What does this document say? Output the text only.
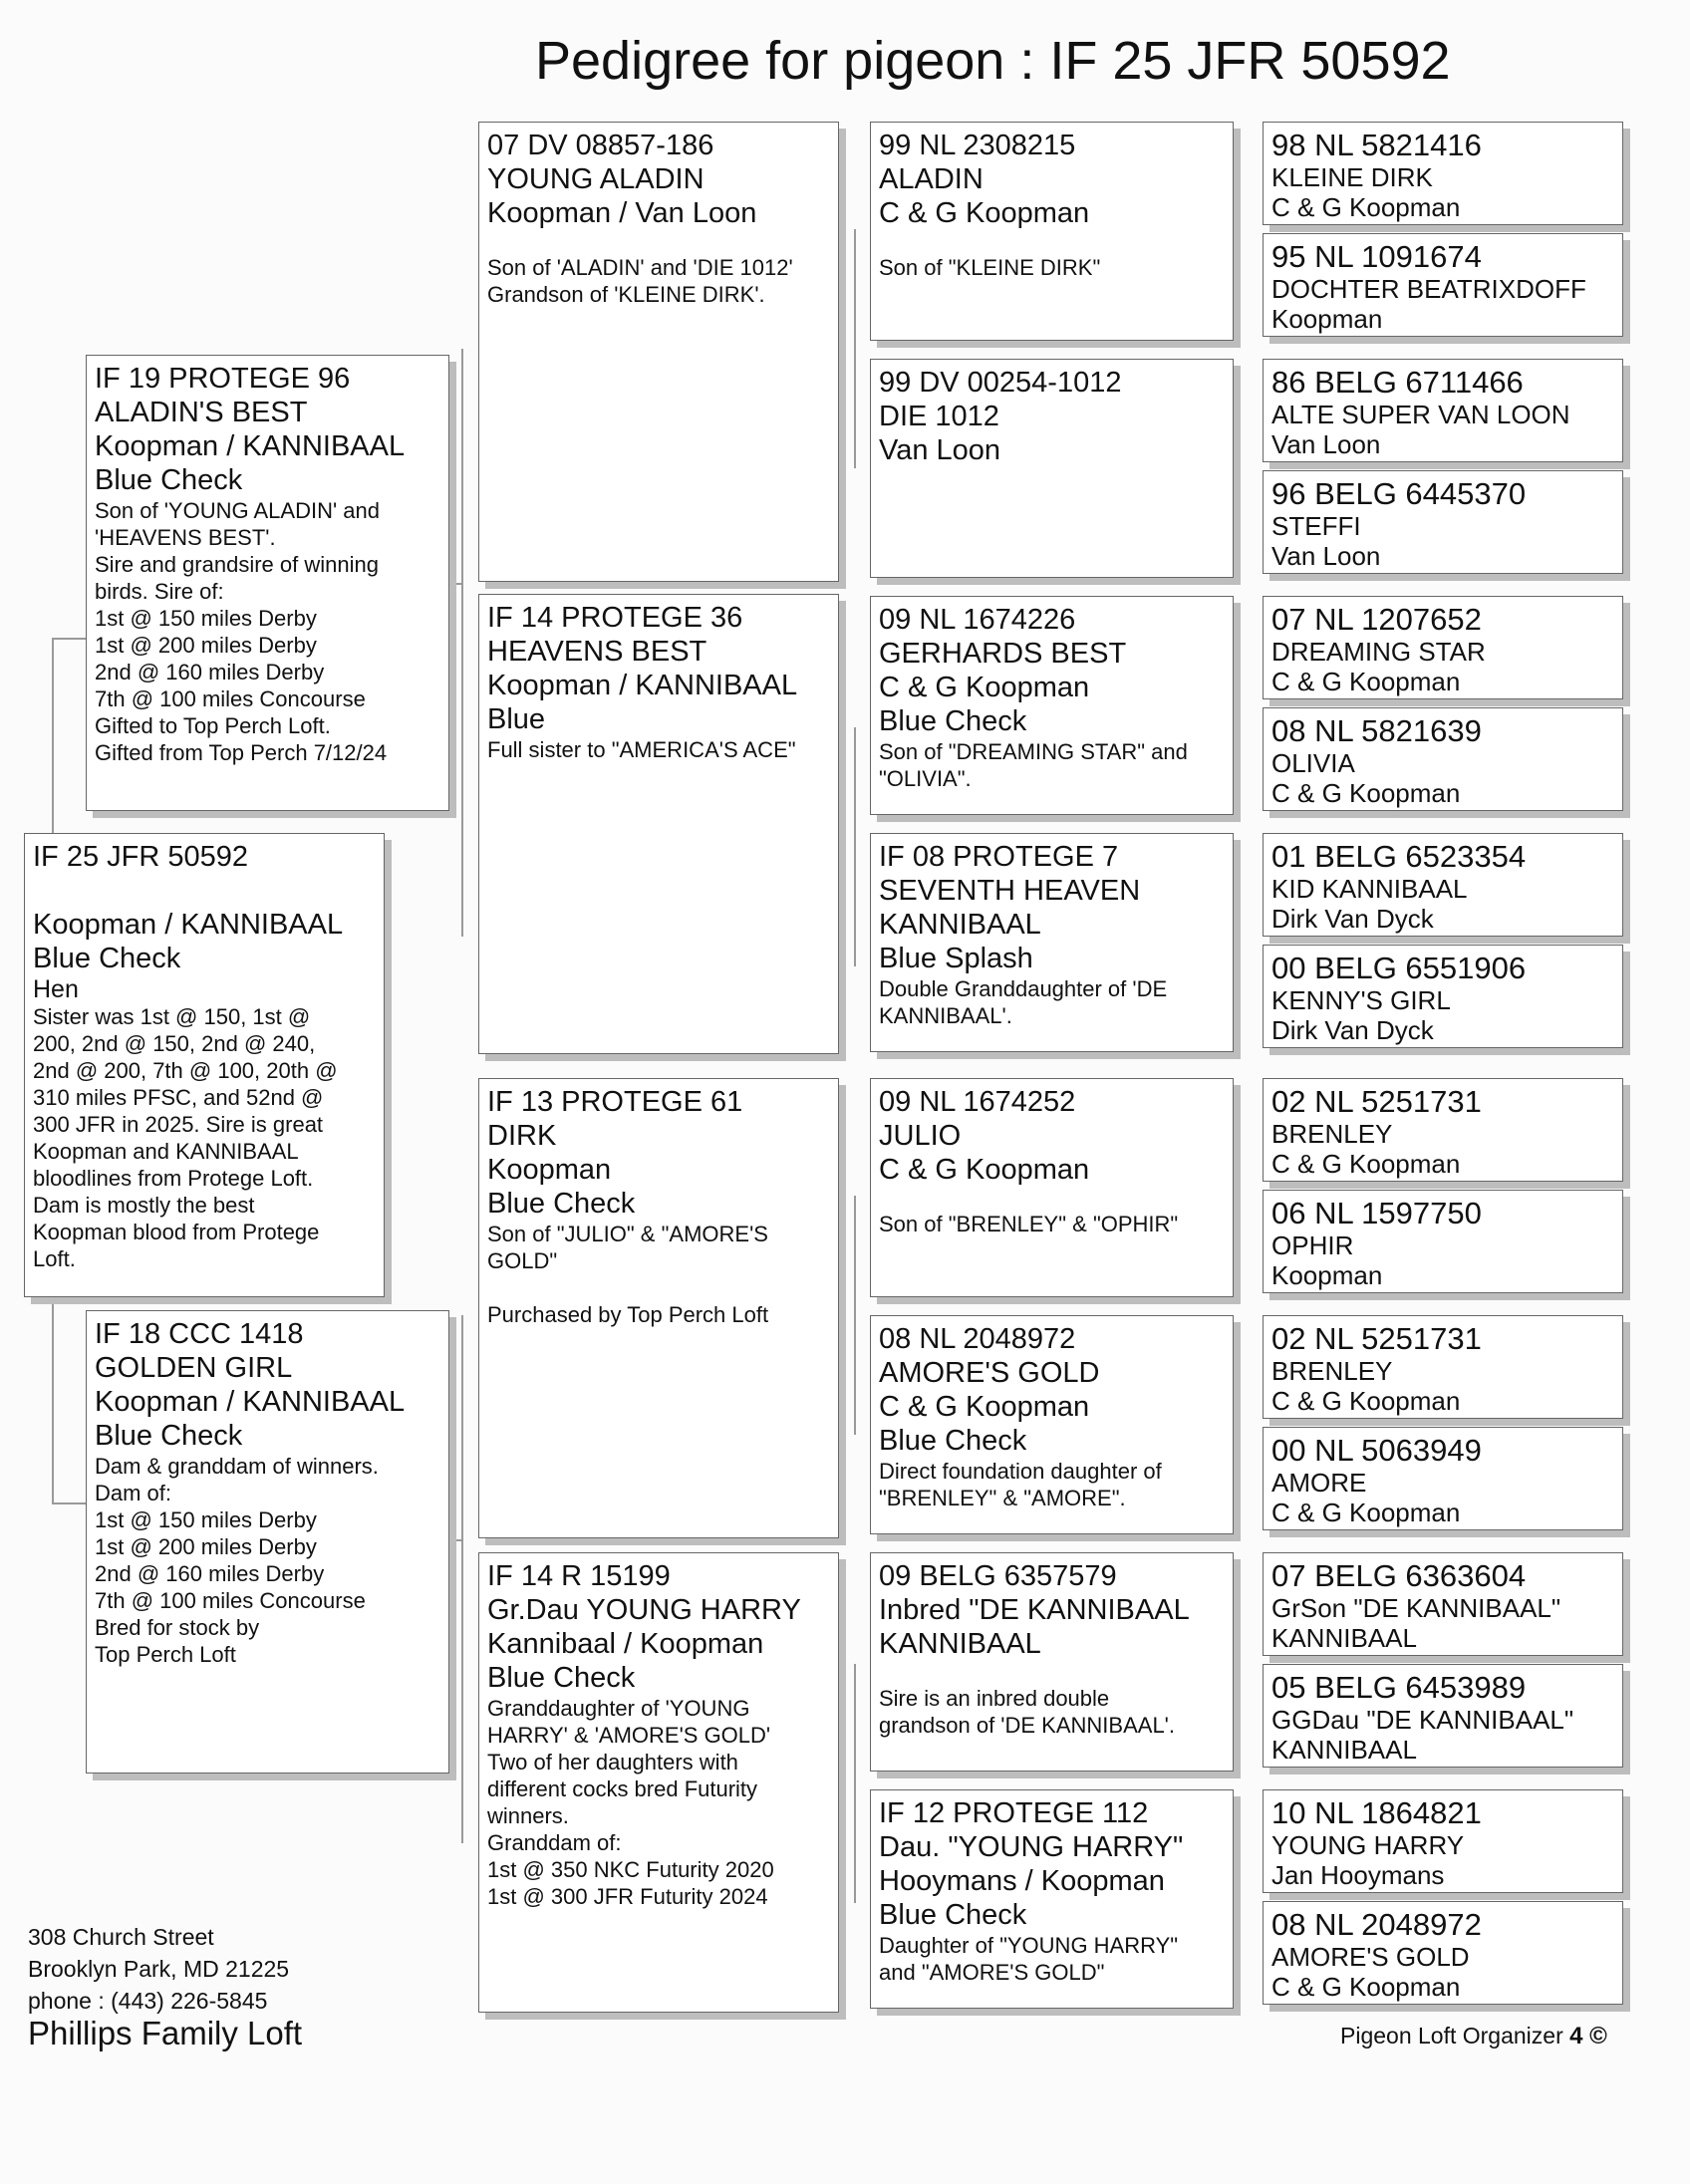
Pedigree for pigeon : IF 25 JFR 50592
IF 25 JFR 50592
Koopman / KANNIBAAL
Blue Check
Hen
Sister was 1st @ 150, 1st @
200, 2nd @ 150, 2nd @ 240,
2nd @ 200, 7th @ 100, 20th @
310 miles PFSC, and 52nd @
300 JFR in 2025. Sire is great
Koopman and KANNIBAAL
bloodlines from Protege Loft.
Dam is mostly the best
Koopman blood from Protege
Loft.
IF 19 PROTEGE 96
ALADIN'S BEST
Koopman / KANNIBAAL
Blue Check
Son of 'YOUNG ALADIN' and
'HEAVENS BEST'.
Sire and grandsire of winning
birds. Sire of:
1st @ 150 miles Derby
1st @ 200 miles Derby
2nd @ 160 miles Derby
7th @ 100 miles Concourse
Gifted to Top Perch Loft.
Gifted from Top Perch 7/12/24
IF 18 CCC 1418
GOLDEN GIRL
Koopman / KANNIBAAL
Blue Check
Dam & granddam of winners.
Dam of:
1st @ 150 miles Derby
1st @ 200 miles Derby
2nd @ 160 miles Derby
7th @ 100 miles Concourse
Bred for stock by
Top Perch Loft
07 DV 08857-186
YOUNG ALADIN
Koopman / Van Loon
Son of 'ALADIN' and 'DIE 1012'
Grandson of 'KLEINE DIRK'.
IF 14 PROTEGE 36
HEAVENS BEST
Koopman / KANNIBAAL
Blue
Full sister to "AMERICA'S ACE"
IF 13 PROTEGE 61
DIRK
Koopman
Blue Check
Son of "JULIO" & "AMORE'S
GOLD"

Purchased by Top Perch Loft
IF 14 R 15199
Gr.Dau YOUNG HARRY
Kannibaal / Koopman
Blue Check
Granddaughter of 'YOUNG
HARRY' & 'AMORE'S GOLD'
Two of her daughters with
different cocks bred Futurity
winners.
Granddam of:
1st @ 350 NKC Futurity 2020
1st @ 300 JFR Futurity 2024
99 NL 2308215
ALADIN
C & G Koopman
Son of "KLEINE DIRK"
99 DV 00254-1012
DIE 1012
Van Loon
09 NL 1674226
GERHARDS BEST
C & G Koopman
Blue Check
Son of "DREAMING STAR" and
"OLIVIA".
IF 08 PROTEGE 7
SEVENTH HEAVEN
KANNIBAAL
Blue Splash
Double Granddaughter of 'DE
KANNIBAAL'.
09 NL 1674252
JULIO
C & G Koopman
Son of "BRENLEY" & "OPHIR"
08 NL 2048972
AMORE'S GOLD
C & G Koopman
Blue Check
Direct foundation daughter of
"BRENLEY" & "AMORE".
09 BELG 6357579
Inbred "DE KANNIBAAL
KANNIBAAL
Sire is an inbred double
grandson of 'DE KANNIBAAL'.
IF 12 PROTEGE 112
Dau. "YOUNG HARRY"
Hooymans / Koopman
Blue Check
Daughter of "YOUNG HARRY"
and "AMORE'S GOLD"
98 NL 5821416
KLEINE DIRK
C & G Koopman
95 NL 1091674
DOCHTER BEATRIXDOFF
Koopman
86 BELG 6711466
ALTE SUPER VAN LOON
Van Loon
96 BELG 6445370
STEFFI
Van Loon
07 NL 1207652
DREAMING STAR
C & G Koopman
08 NL 5821639
OLIVIA
C & G Koopman
01 BELG 6523354
KID KANNIBAAL
Dirk Van Dyck
00 BELG 6551906
KENNY'S GIRL
Dirk Van Dyck
02 NL 5251731
BRENLEY
C & G Koopman
06 NL 1597750
OPHIR
Koopman
02 NL 5251731
BRENLEY
C & G Koopman
00 NL 5063949
AMORE
C & G Koopman
07 BELG 6363604
GrSon "DE KANNIBAAL"
KANNIBAAL
05 BELG 6453989
GGDau "DE KANNIBAAL"
KANNIBAAL
10 NL 1864821
YOUNG HARRY
Jan Hooymans
08 NL 2048972
AMORE'S GOLD
C & G Koopman
308 Church Street
Brooklyn Park, MD 21225
phone : (443) 226-5845
Phillips Family Loft	Pigeon Loft Organizer 4 ©
